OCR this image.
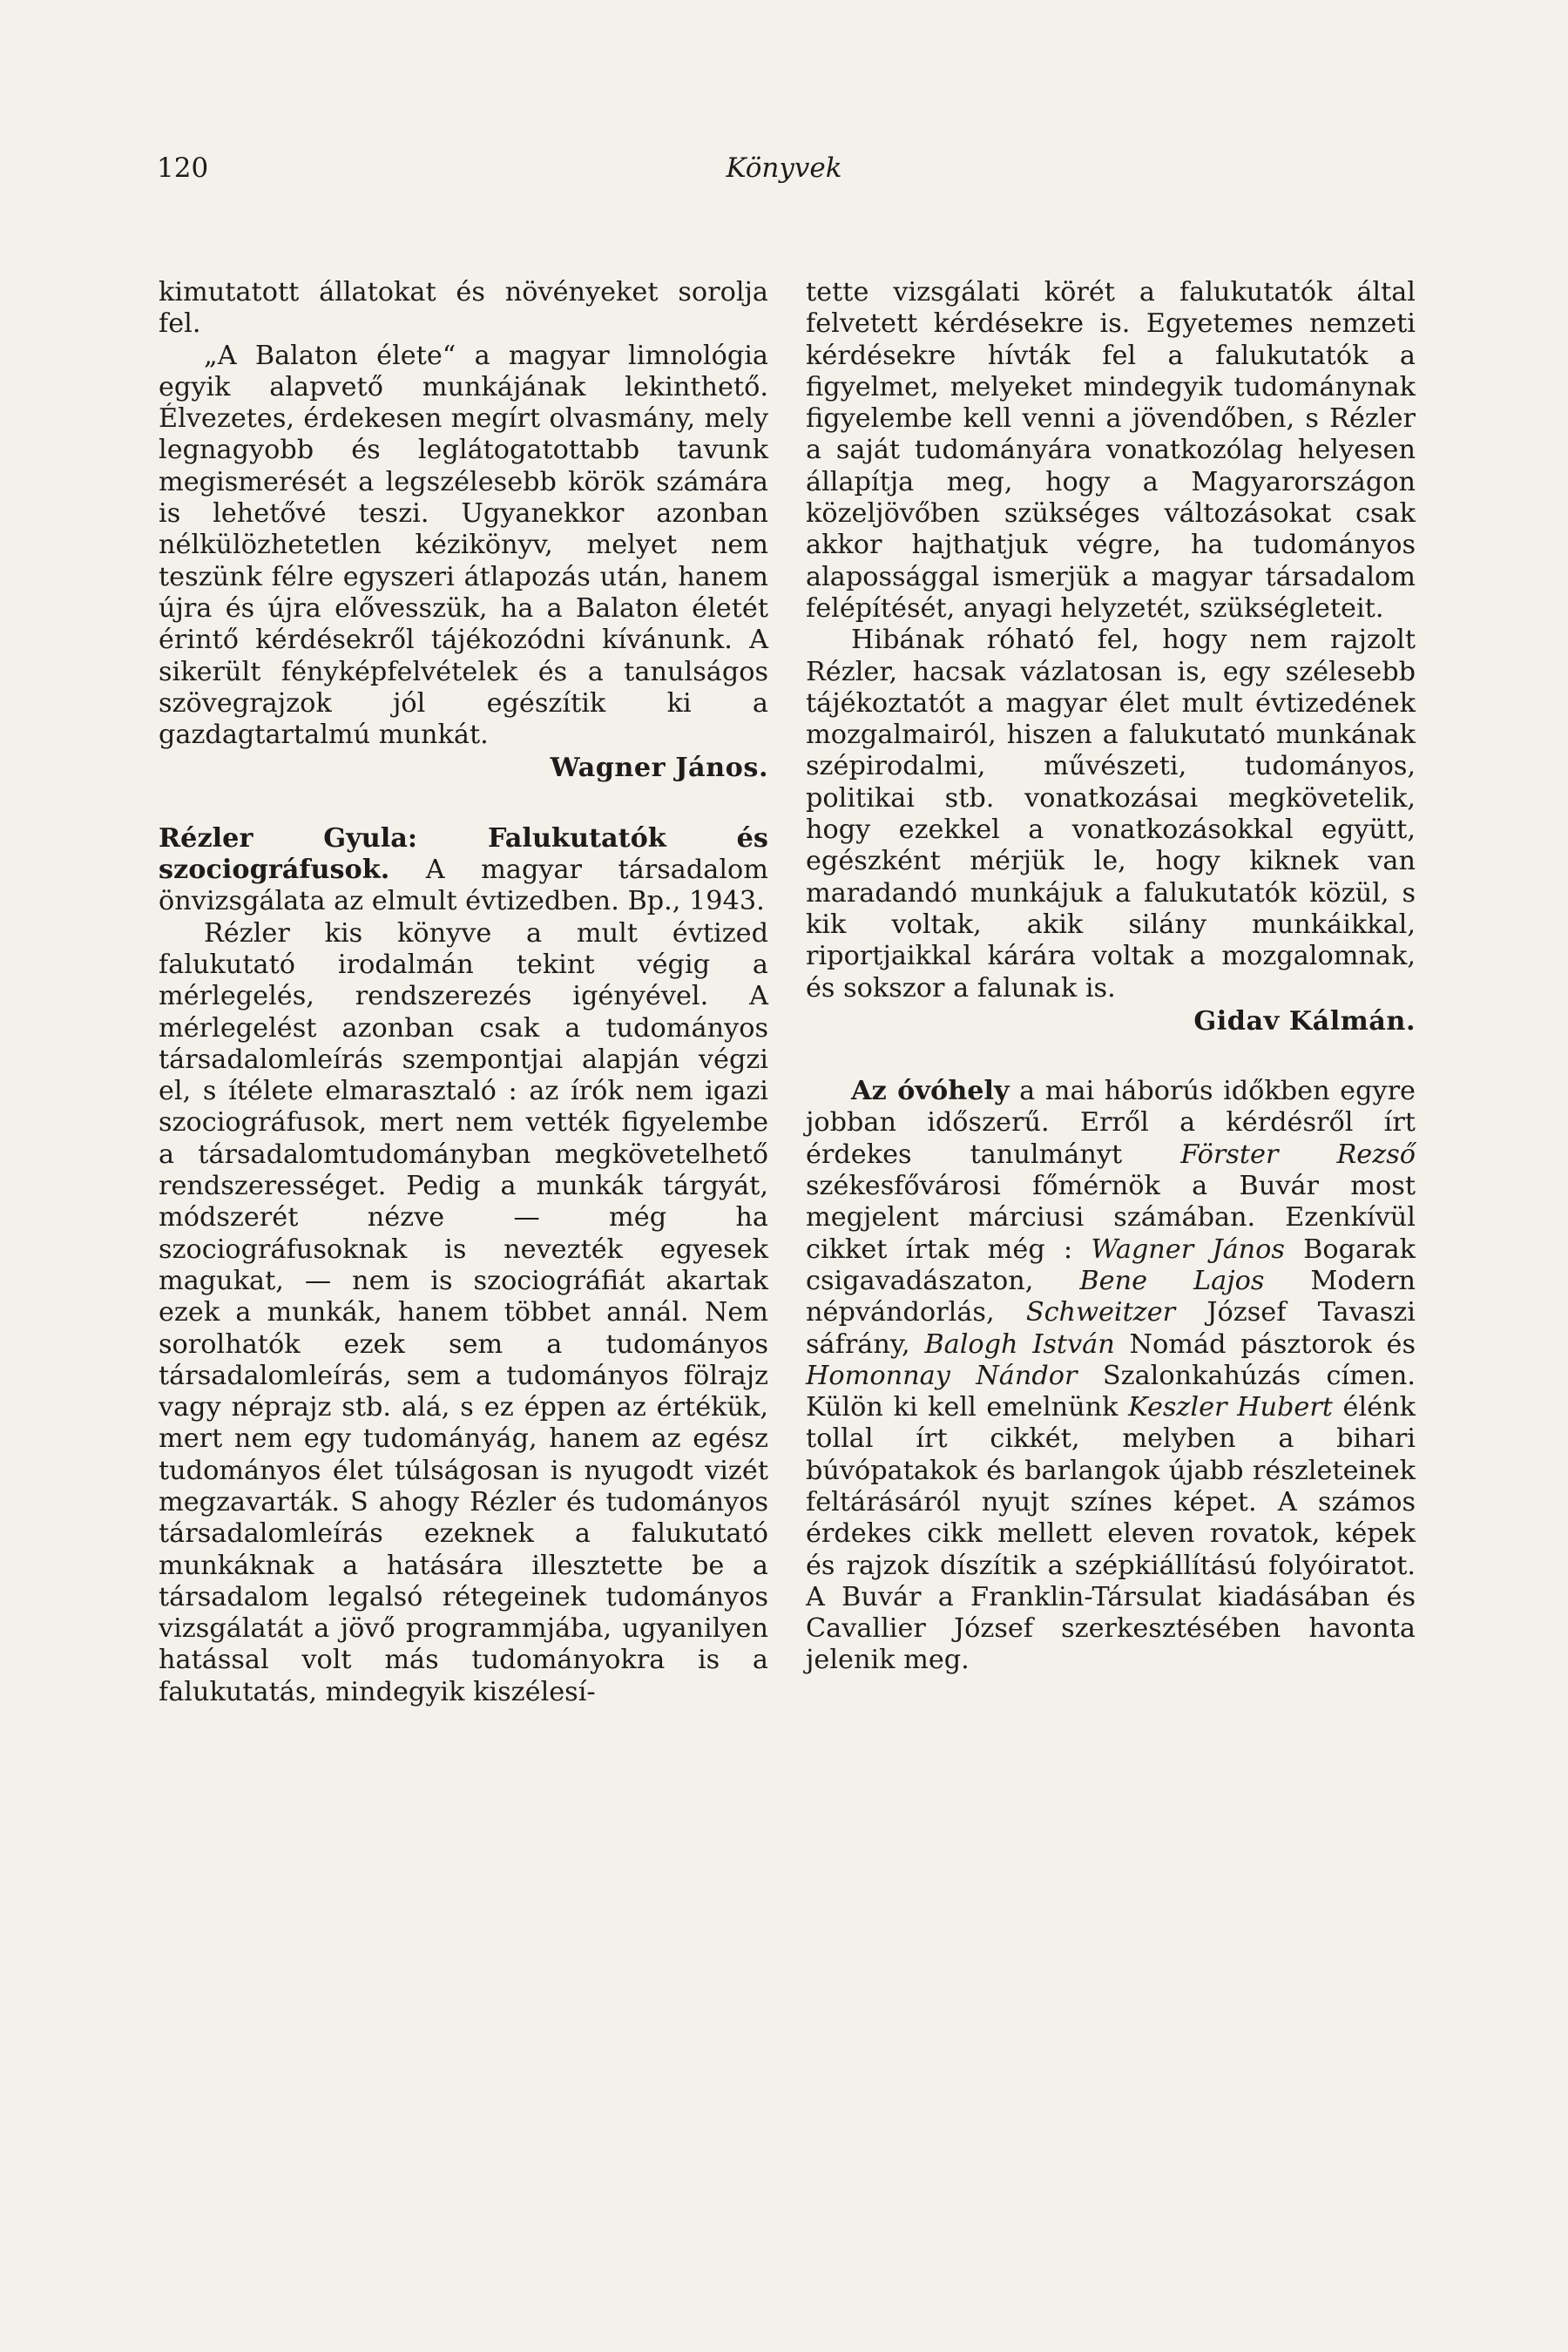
120	Könyvek

kimutatott állatokat és növényeket sorolja fel.

„A Balaton élete“ a magyar limnológia egyik alapvető munkájának lekinthető. Élvezetes, érdekesen megírt olvasmány, mely legnagyobb és leglátogatottabb tavunk megismerését a legszélesebb körök számára is lehetővé teszi. Ugyanekkor azonban nélkülözhetetlen kézikönyv, melyet nem teszünk félre egyszeri átlapozás után, hanem újra és újra elővesszük, ha a Balaton életét érintő kérdésekről tájékozódni kívánunk. A sikerült fényképfelvételek és a tanulságos szövegrajzok jól egészítik ki a gazdagtartalmú munkát.

Wagner János.

Rézler Gyula: Falukutatók és szociográfusok. A magyar társadalom önvizsgálata az elmult évtizedben. Bp., 1943.

Rézler kis könyve a mult évtized falukutató irodalmán tekint végig a mérlegelés, rendszerezés igényével. A mérlegelést azonban csak a tudományos társadalomleírás szempontjai alapján végzi el, s ítélete elmarasztaló : az írók nem igazi szociográfusok, mert nem vették figyelembe a társadalomtudományban megkövetelhető rendszerességet. Pedig a munkák tárgyát, módszerét nézve — még ha szociográfusoknak is nevezték egyesek magukat, — nem is szociográfiát akartak ezek a munkák, hanem többet annál. Nem sorolhatók ezek sem a tudományos társadalomleírás, sem a tudományos fölrajz vagy néprajz stb. alá, s ez éppen az értékük, mert nem egy tudományág, hanem az egész tudományos élet túlságosan is nyugodt vizét megzavarták. S ahogy Rézler és tudományos társadalomleírás ezeknek a falukutató munkáknak a hatására illesztette be a társadalom legalsó rétegeinek tudományos vizsgálatát a jövő programmjába, ugyanilyen hatással volt más tudományokra is a falukutatás, mindegyik kiszélesí-

tette vizsgálati körét a falukutatók által felvetett kérdésekre is. Egyetemes nemzeti kérdésekre hívták fel a falukutatók a figyelmet, melyeket mindegyik tudománynak figyelembe kell venni a jövendőben, s Rézler a saját tudományára vonatkozólag helyesen állapítja meg, hogy a Magyarországon közeljövőben szükséges változásokat csak akkor hajthatjuk végre, ha tudományos alapossággal ismerjük a magyar társadalom felépítését, anyagi helyzetét, szükségleteit.

Hibának róható fel, hogy nem rajzolt Rézler, hacsak vázlatosan is, egy szélesebb tájékoztatót a magyar élet mult évtizedének mozgalmairól, hiszen a falukutató munkának szépirodalmi, művészeti, tudományos, politikai stb. vonatkozásai megkövetelik, hogy ezekkel a vonatkozásokkal együtt, egészként mérjük le, hogy kiknek van maradandó munkájuk a falukutatók közül, s kik voltak, akik silány munkáikkal, riportjaikkal kárára voltak a mozgalomnak, és sokszor a falunak is.

Gidav Kálmán.

Az óvóhely a mai háborús időkben egyre jobban időszerű. Erről a kérdésről írt érdekes tanulmányt Förster Rezső székesfővárosi főmérnök a Buvár most megjelent márciusi számában. Ezenkívül cikket írtak még : Wagner János Bogarak csigavadászaton, Bene Lajos Modern népvándorlás, Schweitzer József Tavaszi sáfrány, Balogh István Nomád pásztorok és Homonnay Nándor Szalonkahúzás címen. Külön ki kell emelnünk Keszler Hubert élénk tollal írt cikkét, melyben a bihari búvópatakok és barlangok újabb részleteinek feltárásáról nyujt színes képet. A számos érdekes cikk mellett eleven rovatok, képek és rajzok díszítik a szépkiállítású folyóiratot. A Buvár a Franklin-Társulat kiadásában és Cavallier József szerkesztésében havonta jelenik meg.
